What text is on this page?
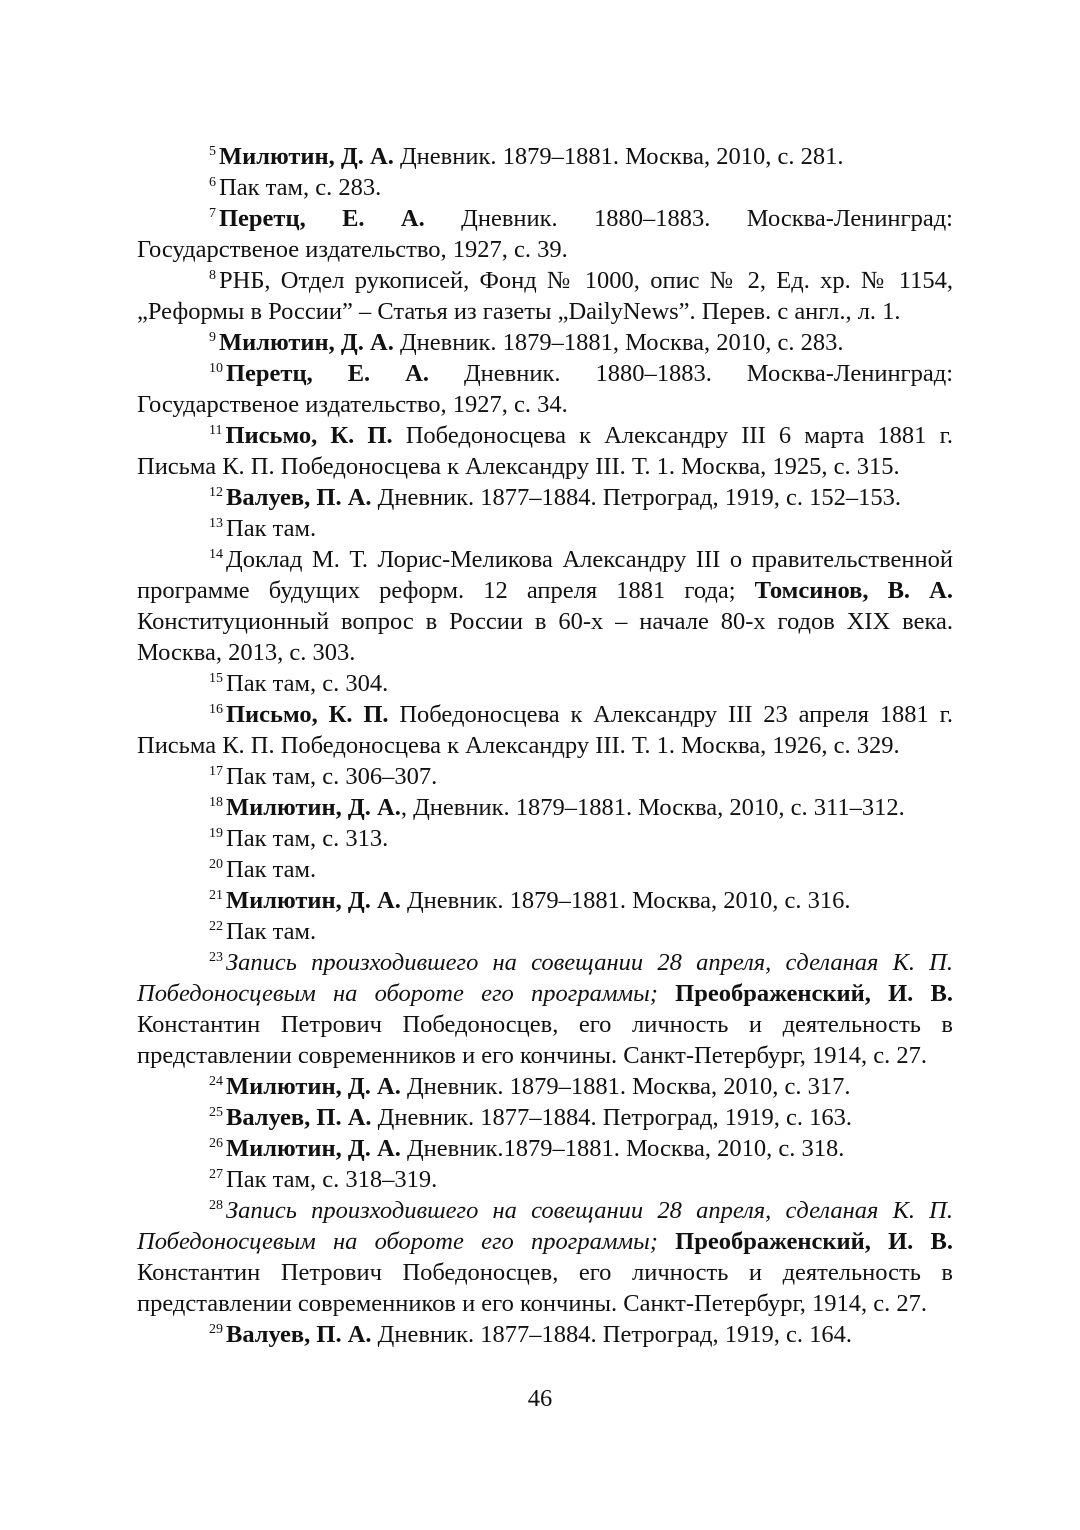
$^5$ Милютин, Д. А. Дневник. 1879–1881. Москва, 2010, с. 281.

$^6$ Пак там, с. 283.

$^7$ Перетц, Е. А. Дневник. 1880–1883. Москва-Ленинград: Государственое издательство, 1927, с. 39.

$^8$ РНБ, Отдел рукописей, Фонд № 1000, опис № 2, Ед. хр. № 1154, „Реформы в России” – Статья из газеты „DailyNews”. Перев. с англ., л. 1.

$^9$ Милютин, Д. А. Дневник. 1879–1881, Москва, 2010, с. 283.

$^{10}$ Перетц, Е. А. Дневник. 1880–1883. Москва-Ленинград: Государственое издательство, 1927, с. 34.

$^{11}$ Письмо, К. П. Победоносцева к Александру III 6 марта 1881 г. Письма К. П. Победоносцева к Александру III. Т. 1. Москва, 1925, с. 315.

$^{12}$ Валуев, П. А. Дневник. 1877–1884. Петроград, 1919, с. 152–153.

$^{13}$ Пак там.

$^{14}$ Доклад М. Т. Лорис-Меликова Александру III о правительственной программе будущих реформ. 12 апреля 1881 года; Томсинов, В. А. Конституционный вопрос в России в 60-х – начале 80-х годов XIX века. Москва, 2013, с. 303.

$^{15}$ Пак там, с. 304.

$^{16}$ Письмо, К. П. Победоносцева к Александру III 23 апреля 1881 г. Письма К. П. Победоносцева к Александру III. Т. 1. Москва, 1926, с. 329.

$^{17}$ Пак там, с. 306–307.

$^{18}$ Милютин, Д. А., Дневник. 1879–1881. Москва, 2010, с. 311–312.

$^{19}$ Пак там, с. 313.

$^{20}$ Пак там.

$^{21}$ Милютин, Д. А. Дневник. 1879–1881. Москва, 2010, с. 316.

$^{22}$ Пак там.

$^{23}$ Запись произходившего на совещании 28 апреля, сделаная К. П. Победоносцевым на обороте его программы; Преображенский, И. В. Константин Петрович Победоносцев, его личность и деятельность в представлении современников и его кончины. Санкт-Петербург, 1914, с. 27.

$^{24}$ Милютин, Д. А. Дневник. 1879–1881. Москва, 2010, с. 317.

$^{25}$ Валуев, П. А. Дневник. 1877–1884. Петроград, 1919, с. 163.

$^{26}$ Милютин, Д. А. Дневник.1879–1881. Москва, 2010, с. 318.

$^{27}$ Пак там, с. 318–319.

$^{28}$ Запись произходившего на совещании 28 апреля, сделаная К. П. Победоносцевым на обороте его программы; Преображенский, И. В. Константин Петрович Победоносцев, его личность и деятельность в представлении современников и его кончины. Санкт-Петербург, 1914, с. 27.

$^{29}$ Валуев, П. А. Дневник. 1877–1884. Петроград, 1919, с. 164.

46
